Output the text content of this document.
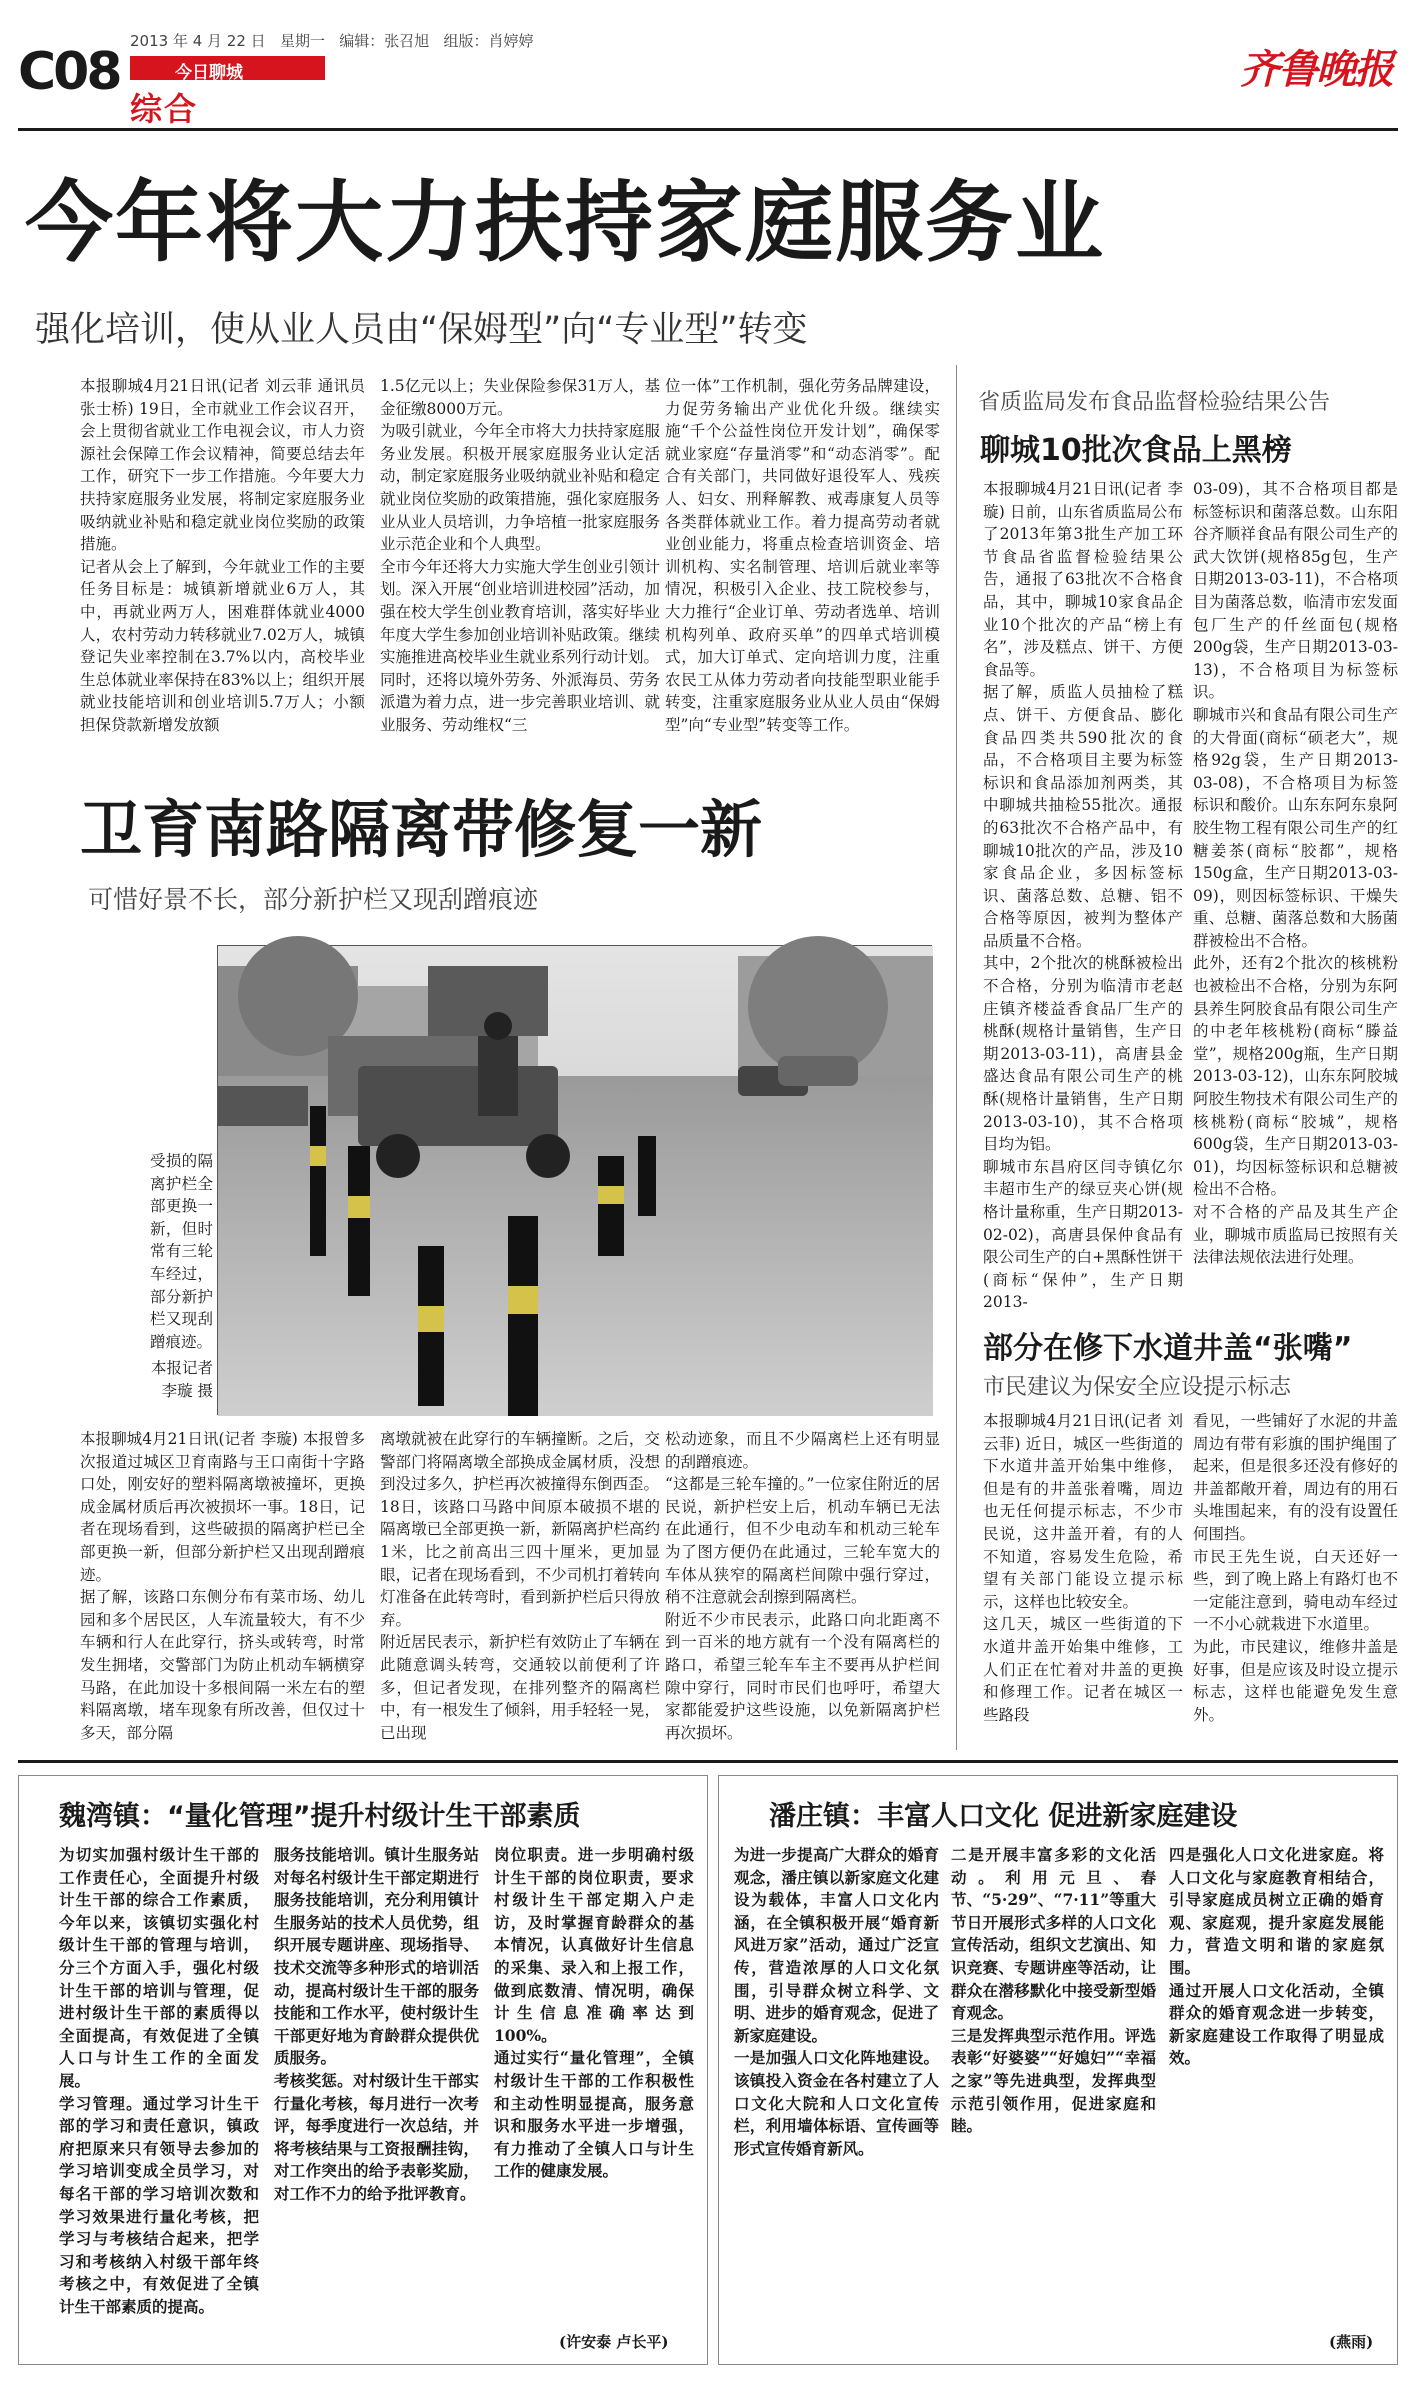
C08
2013 年 4 月 22 日   星期一   编辑：张召旭   组版：肖婷婷
今日聊城
综合
齐鲁晚报
今年将大力扶持家庭服务业
强化培训，使从业人员由“保姆型”向“专业型”转变
本报聊城4月21日讯(记者 刘云菲 通讯员 张士桥) 19日，全市就业工作会议召开，会上贯彻省就业工作电视会议，市人力资源社会保障工作会议精神，简要总结去年工作，研究下一步工作措施。今年要大力扶持家庭服务业发展，将制定家庭服务业吸纳就业补贴和稳定就业岗位奖励的政策措施。
记者从会上了解到，今年就业工作的主要任务目标是：城镇新增就业6万人，其中，再就业两万人，困难群体就业4000人，农村劳动力转移就业7.02万人，城镇登记失业率控制在3.7%以内，高校毕业生总体就业率保持在83%以上；组织开展就业技能培训和创业培训5.7万人；小额担保贷款新增发放额
1.5亿元以上；失业保险参保31万人，基金征缴8000万元。
为吸引就业，今年全市将大力扶持家庭服务业发展。积极开展家庭服务业认定活动，制定家庭服务业吸纳就业补贴和稳定就业岗位奖励的政策措施，强化家庭服务业从业人员培训，力争培植一批家庭服务业示范企业和个人典型。
全市今年还将大力实施大学生创业引领计划。深入开展“创业培训进校园”活动，加强在校大学生创业教育培训，落实好毕业年度大学生参加创业培训补贴政策。继续实施推进高校毕业生就业系列行动计划。
同时，还将以境外劳务、外派海员、劳务派遣为着力点，进一步完善职业培训、就业服务、劳动维权“三
位一体”工作机制，强化劳务品牌建设，力促劳务输出产业优化升级。继续实施“千个公益性岗位开发计划”，确保零就业家庭“存量消零”和“动态消零”。配合有关部门，共同做好退役军人、残疾人、妇女、刑释解教、戒毒康复人员等各类群体就业工作。着力提高劳动者就业创业能力，将重点检查培训资金、培训机构、实名制管理、培训后就业率等情况，积极引入企业、技工院校参与，大力推行“企业订单、劳动者选单、培训机构列单、政府买单”的四单式培训模式，加大订单式、定向培训力度，注重农民工从体力劳动者向技能型职业能手转变，注重家庭服务业从业人员由“保姆型”向“专业型”转变等工作。
卫育南路隔离带修复一新
可惜好景不长，部分新护栏又现刮蹭痕迹
受损的隔离护栏全部更换一新，但时常有三轮车经过，部分新护栏又现刮蹭痕迹。
本报记者 李璇 摄
本报聊城4月21日讯(记者 李璇) 本报曾多次报道过城区卫育南路与王口南街十字路口处，刚安好的塑料隔离墩被撞坏，更换成金属材质后再次被损坏一事。18日，记者在现场看到，这些破损的隔离护栏已全部更换一新，但部分新护栏又出现刮蹭痕迹。
据了解，该路口东侧分布有菜市场、幼儿园和多个居民区，人车流量较大，有不少车辆和行人在此穿行，挤头或转弯，时常发生拥堵，交警部门为防止机动车辆横穿马路，在此加设十多根间隔一米左右的塑料隔离墩，堵车现象有所改善，但仅过十多天，部分隔
离墩就被在此穿行的车辆撞断。之后，交警部门将隔离墩全部换成金属材质，没想到没过多久，护栏再次被撞得东倒西歪。
18日，该路口马路中间原本破损不堪的隔离墩已全部更换一新，新隔离护栏高约1米，比之前高出三四十厘米，更加显眼，记者在现场看到，不少司机打着转向灯准备在此转弯时，看到新护栏后只得放弃。
附近居民表示，新护栏有效防止了车辆在此随意调头转弯，交通较以前便利了许多，但记者发现，在排列整齐的隔离栏中，有一根发生了倾斜，用手轻轻一晃，已出现
松动迹象，而且不少隔离栏上还有明显的刮蹭痕迹。
“这都是三轮车撞的。”一位家住附近的居民说，新护栏安上后，机动车辆已无法在此通行，但不少电动车和机动三轮车为了图方便仍在此通过，三轮车宽大的车体从狭窄的隔离栏间隙中强行穿过，稍不注意就会刮擦到隔离栏。
附近不少市民表示，此路口向北距离不到一百米的地方就有一个没有隔离栏的路口，希望三轮车车主不要再从护栏间隙中穿行，同时市民们也呼吁，希望大家都能爱护这些设施，以免新隔离护栏再次损坏。
省质监局发布食品监督检验结果公告
聊城10批次食品上黑榜
本报聊城4月21日讯(记者 李璇) 日前，山东省质监局公布了2013年第3批生产加工环节食品省监督检验结果公告，通报了63批次不合格食品，其中，聊城10家食品企业10个批次的产品“榜上有名”，涉及糕点、饼干、方便食品等。
据了解，质监人员抽检了糕点、饼干、方便食品、膨化食品四类共590批次的食品，不合格项目主要为标签标识和食品添加剂两类，其中聊城共抽检55批次。通报的63批次不合格产品中，有聊城10批次的产品，涉及10家食品企业，多因标签标识、菌落总数、总糖、铝不合格等原因，被判为整体产品质量不合格。
其中，2个批次的桃酥被检出不合格，分别为临清市老赵庄镇齐楼益香食品厂生产的桃酥(规格计量销售，生产日期2013-03-11)，高唐县金盛达食品有限公司生产的桃酥(规格计量销售，生产日期2013-03-10)，其不合格项目均为铝。
聊城市东昌府区闫寺镇亿尔丰超市生产的绿豆夹心饼(规格计量称重，生产日期2013-02-02)，高唐县保仲食品有限公司生产的白+黑酥性饼干(商标“保仲”，生产日期2013-
03-09)，其不合格项目都是标签标识和菌落总数。山东阳谷齐顺祥食品有限公司生产的武大饮饼(规格85g包，生产日期2013-03-11)，不合格项目为菌落总数，临清市宏发面包厂生产的仟丝面包(规格200g袋，生产日期2013-03-13)，不合格项目为标签标识。
聊城市兴和食品有限公司生产的大骨面(商标“硕老大”，规格92g袋，生产日期2013-03-08)，不合格项目为标签标识和酸价。山东东阿东泉阿胶生物工程有限公司生产的红糖姜茶(商标“胶都”，规格150g盒，生产日期2013-03-09)，则因标签标识、干燥失重、总糖、菌落总数和大肠菌群被检出不合格。
此外，还有2个批次的核桃粉也被检出不合格，分别为东阿县养生阿胶食品有限公司生产的中老年核桃粉(商标“滕益堂”，规格200g瓶，生产日期2013-03-12)，山东东阿胶城阿胶生物技术有限公司生产的核桃粉(商标“胶城”，规格600g袋，生产日期2013-03-01)，均因标签标识和总糖被检出不合格。
对不合格的产品及其生产企业，聊城市质监局已按照有关法律法规依法进行处理。
部分在修下水道井盖“张嘴”
市民建议为保安全应设提示标志
本报聊城4月21日讯(记者 刘云菲) 近日，城区一些街道的下水道井盖开始集中维修，但是有的井盖张着嘴，周边也无任何提示标志，不少市民说，这井盖开着，有的人不知道，容易发生危险，希望有关部门能设立提示标示，这样也比较安全。
这几天，城区一些街道的下水道井盖开始集中维修，工人们正在忙着对井盖的更换和修理工作。记者在城区一些路段
看见，一些铺好了水泥的井盖周边有带有彩旗的围护绳围了起来，但是很多还没有修好的井盖都敞开着，周边有的用石头堆围起来，有的没有设置任何围挡。
市民王先生说，白天还好一些，到了晚上路上有路灯也不一定能注意到，骑电动车经过一不小心就栽进下水道里。
为此，市民建议，维修井盖是好事，但是应该及时设立提示标志，这样也能避免发生意外。
魏湾镇：“量化管理”提升村级计生干部素质
为切实加强村级计生干部的工作责任心，全面提升村级计生干部的综合工作素质，今年以来，该镇切实强化村级计生干部的管理与培训，分三个方面入手，强化村级计生干部的培训与管理，促进村级计生干部的素质得以全面提高，有效促进了全镇人口与计生工作的全面发展。
学习管理。通过学习计生干部的学习和责任意识，镇政府把原来只有领导去参加的学习培训变成全员学习，对每名干部的学习培训次数和学习效果进行量化考核，把学习与考核结合起来，把学习和考核纳入村级干部年终考核之中，有效促进了全镇计生干部素质的提高。
服务技能培训。镇计生服务站对每名村级计生干部定期进行服务技能培训，充分利用镇计生服务站的技术人员优势，组织开展专题讲座、现场指导、技术交流等多种形式的培训活动，提高村级计生干部的服务技能和工作水平，使村级计生干部更好地为育龄群众提供优质服务。
考核奖惩。对村级计生干部实行量化考核，每月进行一次考评，每季度进行一次总结，并将考核结果与工资报酬挂钩，对工作突出的给予表彰奖励，对工作不力的给予批评教育。
岗位职责。进一步明确村级计生干部的岗位职责，要求村级计生干部定期入户走访，及时掌握育龄群众的基本情况，认真做好计生信息的采集、录入和上报工作，做到底数清、情况明，确保计生信息准确率达到100%。
通过实行“量化管理”，全镇村级计生干部的工作积极性和主动性明显提高，服务意识和服务水平进一步增强，有力推动了全镇人口与计生工作的健康发展。
(许安泰 卢长平)
潘庄镇：丰富人口文化 促进新家庭建设
为进一步提高广大群众的婚育观念，潘庄镇以新家庭文化建设为载体，丰富人口文化内涵，在全镇积极开展“婚育新风进万家”活动，通过广泛宣传，营造浓厚的人口文化氛围，引导群众树立科学、文明、进步的婚育观念，促进了新家庭建设。
一是加强人口文化阵地建设。该镇投入资金在各村建立了人口文化大院和人口文化宣传栏，利用墙体标语、宣传画等形式宣传婚育新风。
二是开展丰富多彩的文化活动。利用元旦、春节、“5·29”、“7·11”等重大节日开展形式多样的人口文化宣传活动，组织文艺演出、知识竞赛、专题讲座等活动，让群众在潜移默化中接受新型婚育观念。
三是发挥典型示范作用。评选表彰“好婆婆”“好媳妇”“幸福之家”等先进典型，发挥典型示范引领作用，促进家庭和睦。
四是强化人口文化进家庭。将人口文化与家庭教育相结合，引导家庭成员树立正确的婚育观、家庭观，提升家庭发展能力，营造文明和谐的家庭氛围。
通过开展人口文化活动，全镇群众的婚育观念进一步转变，新家庭建设工作取得了明显成效。
(燕雨)
